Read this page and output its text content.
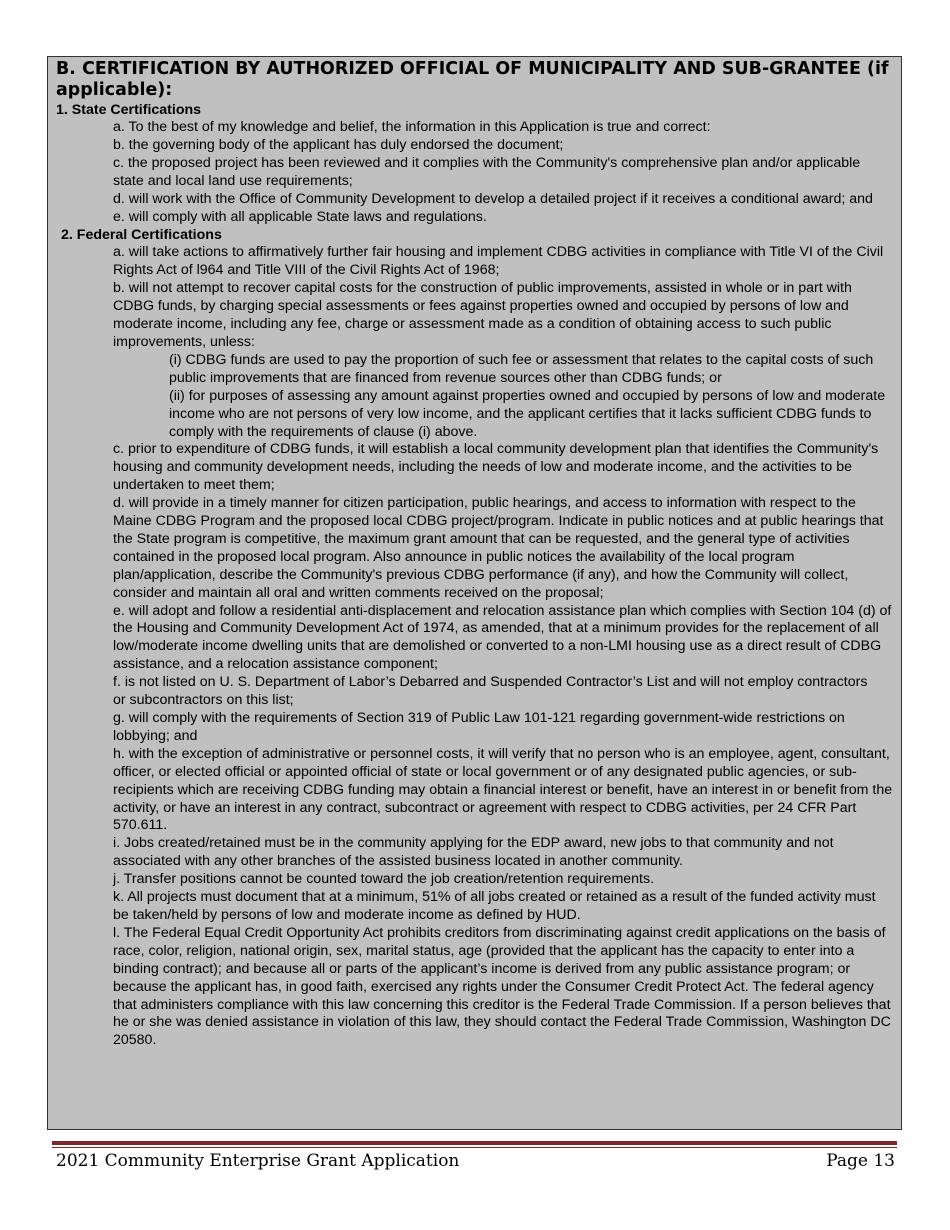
B. CERTIFICATION BY AUTHORIZED OFFICIAL OF MUNICIPALITY AND SUB-GRANTEE (if applicable):

1. State Certifications

a. To the best of my knowledge and belief, the information in this Application is true and correct:

b. the governing body of the applicant has duly endorsed the document;

c. the proposed project has been reviewed and it complies with the Community's comprehensive plan and/or applicable state and local land use requirements;

d. will work with the Office of Community Development to develop a detailed project if it receives a conditional award; and

e. will comply with all applicable State laws and regulations.

2. Federal Certifications

a. will take actions to affirmatively further fair housing and implement CDBG activities in compliance with Title VI of the Civil Rights Act of l964 and Title VIII of the Civil Rights Act of 1968;

b. will not attempt to recover capital costs for the construction of public improvements, assisted in whole or in part with CDBG funds, by charging special assessments or fees against properties owned and occupied by persons of low and moderate income, including any fee, charge or assessment made as a condition of obtaining access to such public improvements, unless:

(i) CDBG funds are used to pay the proportion of such fee or assessment that relates to the capital costs of such public improvements that are financed from revenue sources other than CDBG funds; or

(ii) for purposes of assessing any amount against properties owned and occupied by persons of low and moderate income who are not persons of very low income, and the applicant certifies that it lacks sufficient CDBG funds to comply with the requirements of clause (i) above.

c. prior to expenditure of CDBG funds, it will establish a local community development plan that identifies the Community's housing and community development needs, including the needs of low and moderate income, and the activities to be undertaken to meet them;

d. will provide in a timely manner for citizen participation, public hearings, and access to information with respect to the Maine CDBG Program and the proposed local CDBG project/program. Indicate in public notices and at public hearings that the State program is competitive, the maximum grant amount that can be requested, and the general type of activities contained in the proposed local program. Also announce in public notices the availability of the local program plan/application, describe the Community's previous CDBG performance (if any), and how the Community will collect, consider and maintain all oral and written comments received on the proposal;

e. will adopt and follow a residential anti-displacement and relocation assistance plan which complies with Section 104 (d) of the Housing and Community Development Act of 1974, as amended, that at a minimum provides for the replacement of all low/moderate income dwelling units that are demolished or converted to a non-LMI housing use as a direct result of CDBG assistance, and a relocation assistance component;

f. is not listed on U. S. Department of Labor’s Debarred and Suspended Contractor’s List and will not employ contractors

or subcontractors on this list;

g. will comply with the requirements of Section 319 of Public Law 101-121 regarding government-wide restrictions on lobbying; and

h. with the exception of administrative or personnel costs, it will verify that no person who is an employee, agent, consultant, officer, or elected official or appointed official of state or local government or of any designated public agencies, or sub-recipients which are receiving CDBG funding may obtain a financial interest or benefit, have an interest in or benefit from the activity, or have an interest in any contract, subcontract or agreement with respect to CDBG activities, per 24 CFR Part 570.611.

i. Jobs created/retained must be in the community applying for the EDP award, new jobs to that community and not associated with any other branches of the assisted business located in another community.

j. Transfer positions cannot be counted toward the job creation/retention requirements.

k. All projects must document that at a minimum, 51% of all jobs created or retained as a result of the funded activity must be taken/held by persons of low and moderate income as defined by HUD.

l. The Federal Equal Credit Opportunity Act prohibits creditors from discriminating against credit applications on the basis of race, color, religion, national origin, sex, marital status, age (provided that the applicant has the capacity to enter into a binding contract); and because all or parts of the applicant’s income is derived from any public assistance program; or because the applicant has, in good faith, exercised any rights under the Consumer Credit Protect Act. The federal agency that administers compliance with this law concerning this creditor is the Federal Trade Commission. If a person believes that he or she was denied assistance in violation of this law, they should contact the Federal Trade Commission, Washington DC 20580.

2021 Community Enterprise Grant Application	Page 13
